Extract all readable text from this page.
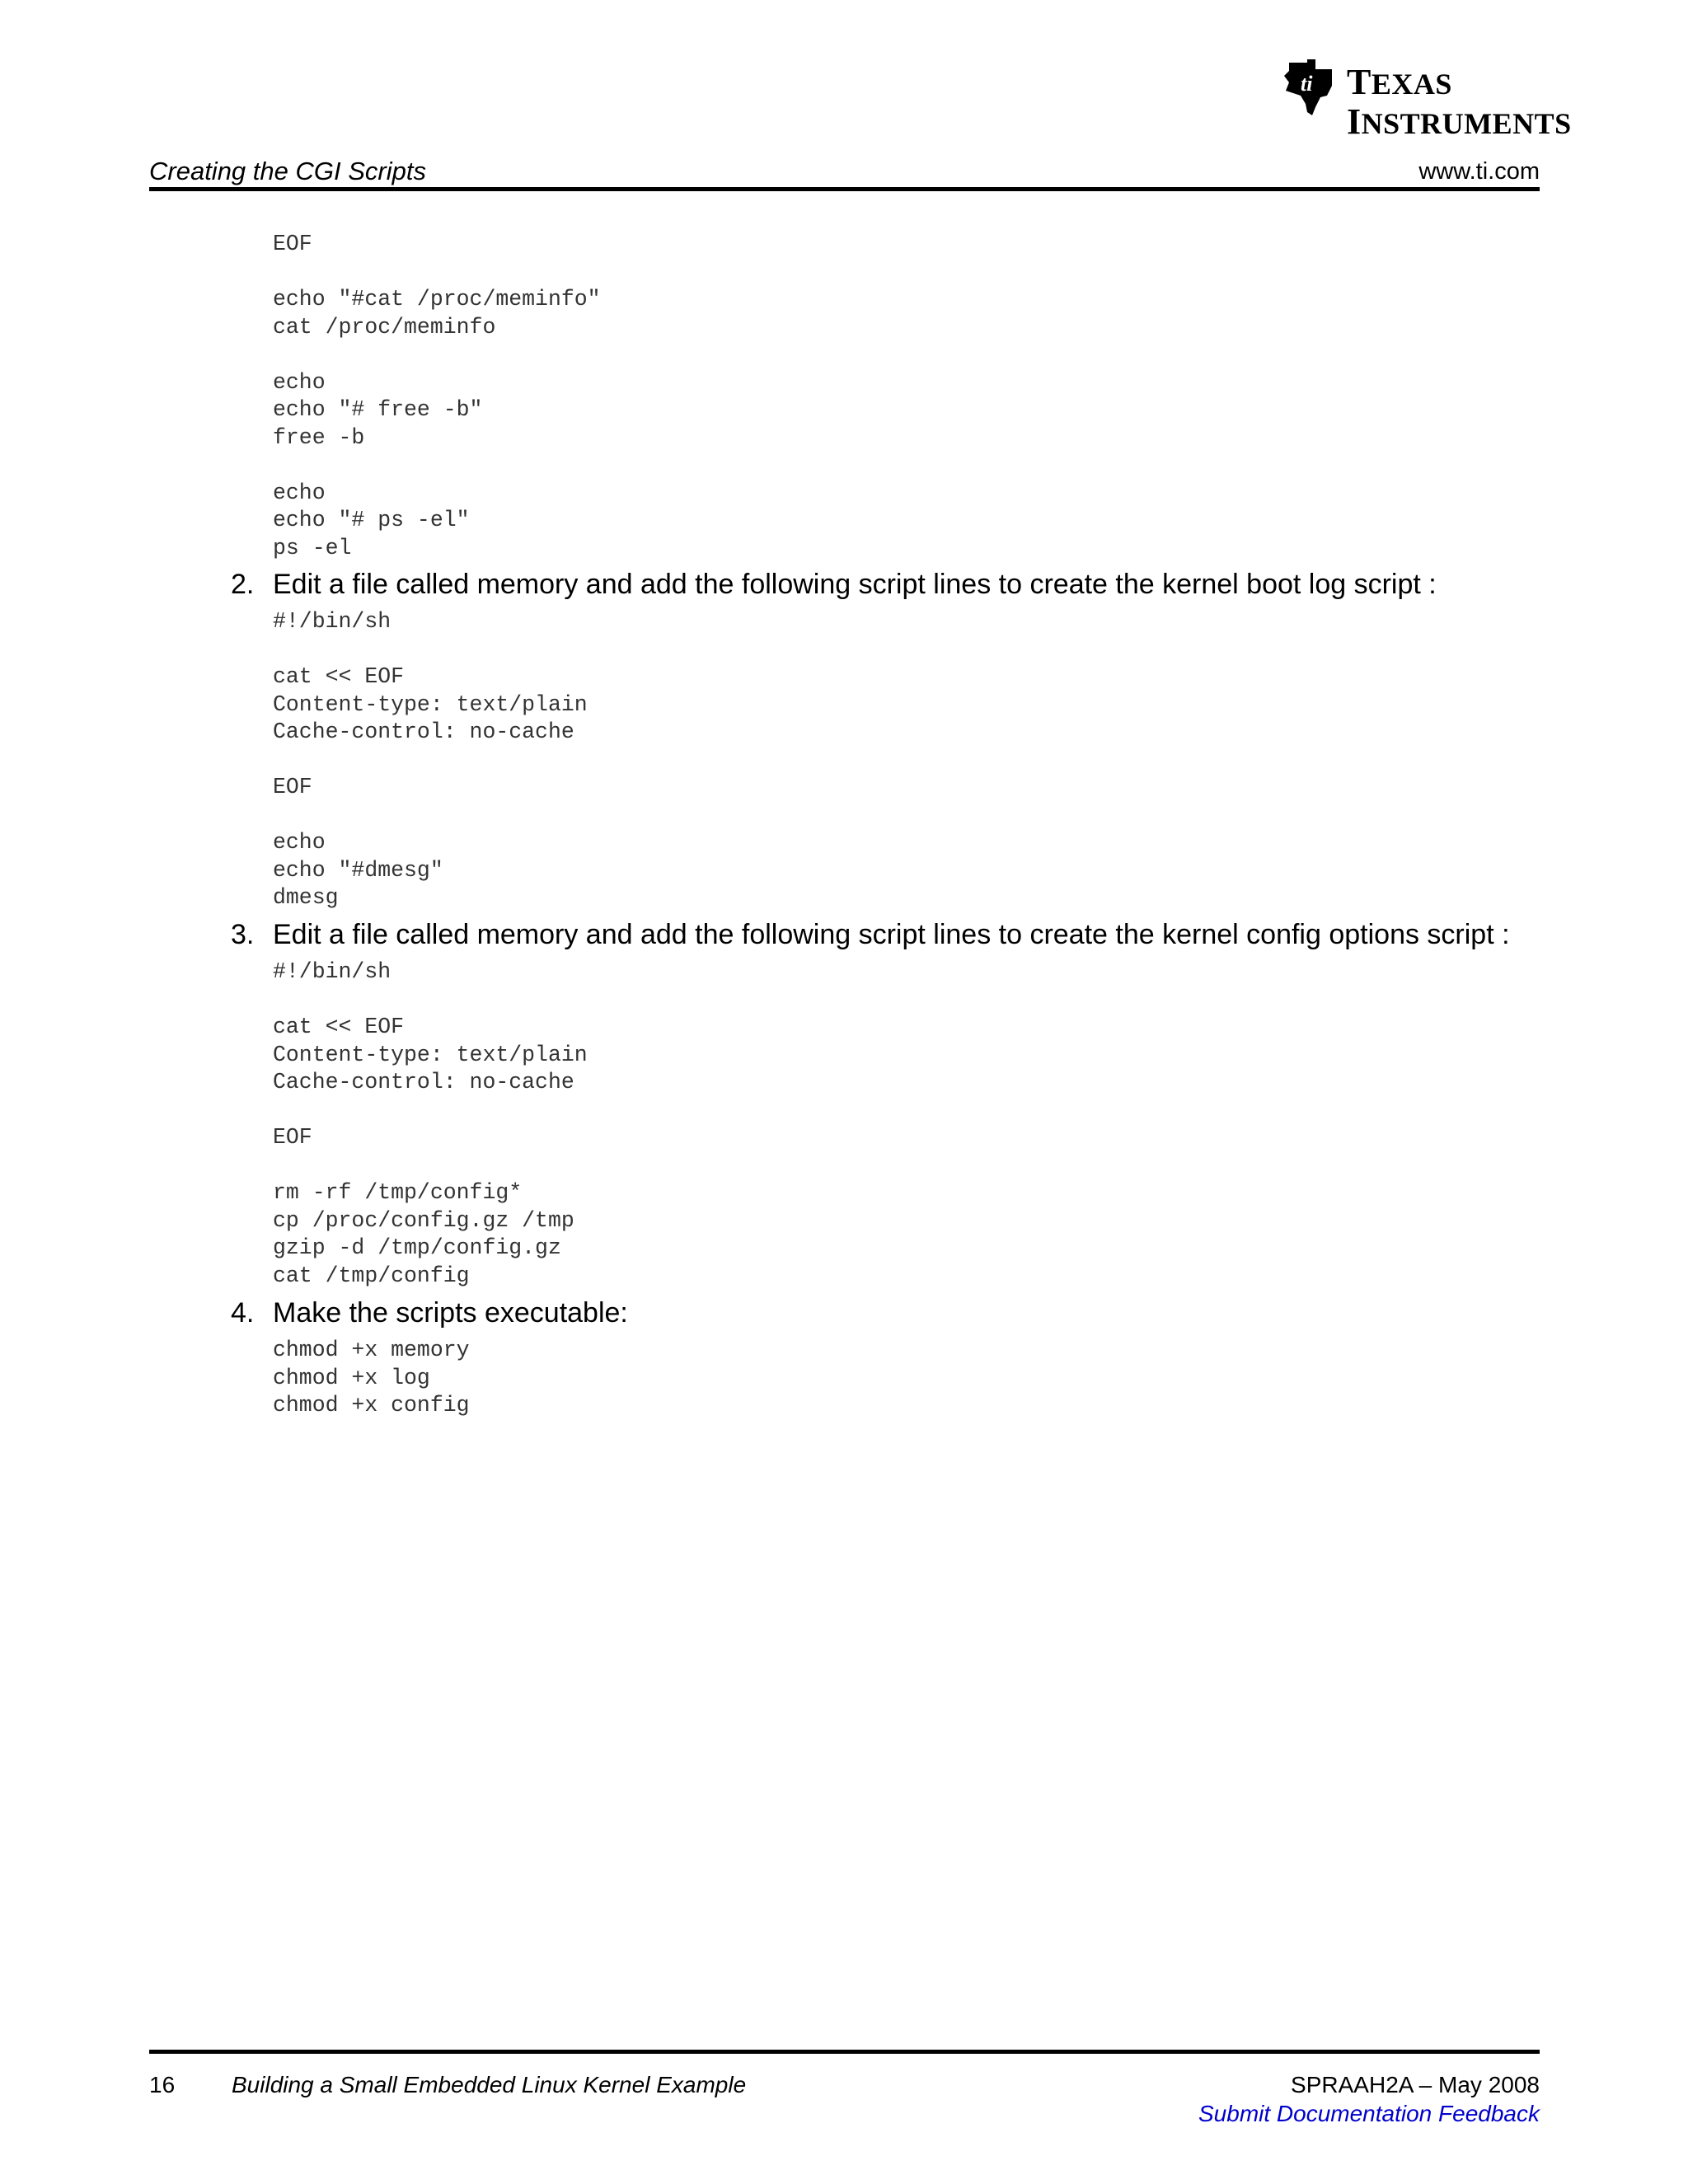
ti TEXAS
INSTRUMENTS
Creating the CGI Scripts	www.ti.com
EOF

echo "#cat /proc/meminfo"
cat /proc/meminfo

echo
echo "# free -b"
free -b

echo
echo "# ps -el"
ps -el
2. Edit a file called memory and add the following script lines to create the kernel boot log script :
#!/bin/sh

cat << EOF
Content-type: text/plain
Cache-control: no-cache

EOF

echo
echo "#dmesg"
dmesg
3. Edit a file called memory and add the following script lines to create the kernel config options script :
#!/bin/sh

cat << EOF
Content-type: text/plain
Cache-control: no-cache

EOF

rm -rf /tmp/config*
cp /proc/config.gz /tmp
gzip -d /tmp/config.gz
cat /tmp/config
4. Make the scripts executable:
chmod +x memory
chmod +x log
chmod +x config
16 Building a Small Embedded Linux Kernel Example	SPRAAH2A – May 2008
Submit Documentation Feedback
